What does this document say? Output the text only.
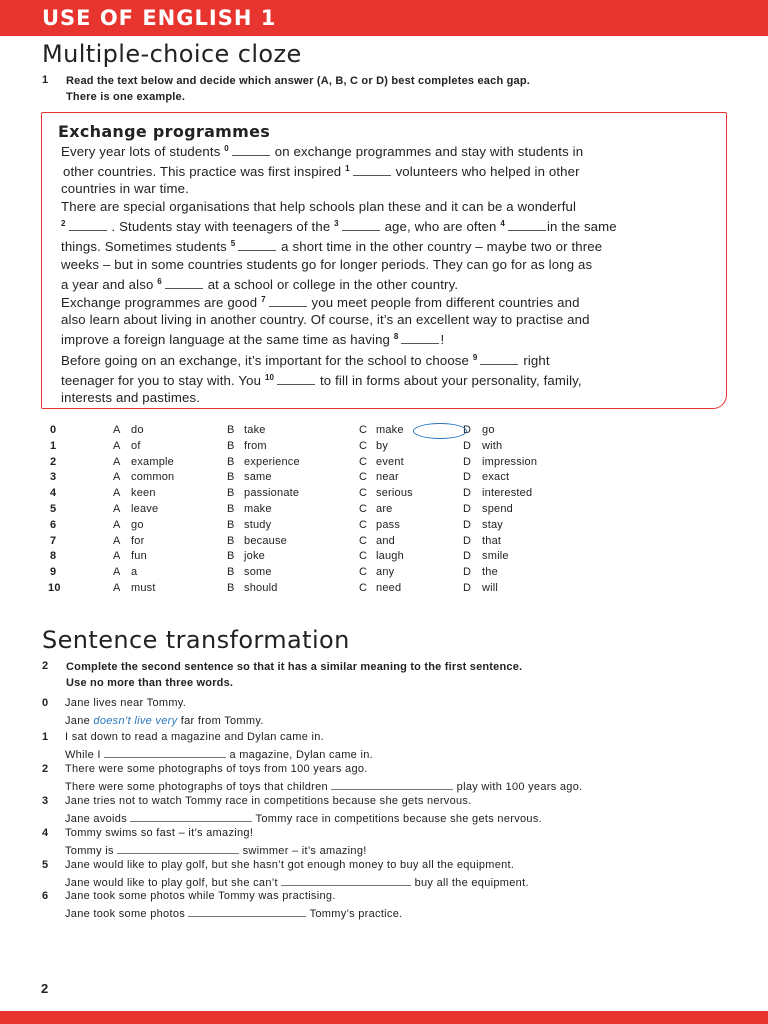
USE OF ENGLISH 1
Multiple-choice cloze
1 Read the text below and decide which answer (A, B, C or D) best completes each gap.
There is one example.
Exchange programmes
Every year lots of students $^0$	on exchange programmes and stay with students in
other countries. This practice was first inspired $^1$	volunteers who helped in other
countries in war time.
There are special organisations that help schools plan these and it can be a wonderful
$^2$	. Students stay with teenagers of the $^3$	age, who are often $^4$	in the same
things. Sometimes students $^5$	a short time in the other country – maybe two or three
weeks – but in some countries students go for longer periods. They can go for as long as
a year and also $^6$	at a school or college in the other country.
Exchange programmes are good $^7$	you meet people from different countries and
also learn about living in another country. Of course, it’s an excellent way to practise and
improve a foreign language at the same time as having $^8$	!
Before going on an exchange, it’s important for the school to choose $^9$	right
teenager for you to stay with. You $^{10}$	to fill in forms about your personality, family,
interests and pastimes.
0	A do	B take	C make	D go
1	A of	B from	C by	D with
2	A example	B experience	C event	D impression
3	A common	B same	C near	D exact
4	A keen	B passionate	C serious	D interested
5	A leave	B make	C are	D spend
6	A go	B study	C pass	D stay
7	A for	B because	C and	D that
8	A fun	B joke	C laugh	D smile
9	A a	B some	C any	D the
10	A must	B should	C need	D will
Sentence transformation
2 Complete the second sentence so that it has a similar meaning to the first sentence.
Use no more than three words.
0 Jane lives near Tommy.
Jane doesn’t live very far from Tommy.
1 I sat down to read a magazine and Dylan came in.
While I	a magazine, Dylan came in.
2 There were some photographs of toys from 100 years ago.
There were some photographs of toys that children	play with 100 years ago.
3 Jane tries not to watch Tommy race in competitions because she gets nervous.
Jane avoids	Tommy race in competitions because she gets nervous.
4 Tommy swims so fast – it’s amazing!
Tommy is	swimmer – it’s amazing!
5 Jane would like to play golf, but she hasn’t got enough money to buy all the equipment.
Jane would like to play golf, but she can’t	buy all the equipment.
6 Jane took some photos while Tommy was practising.
Jane took some photos	Tommy’s practice.
2
